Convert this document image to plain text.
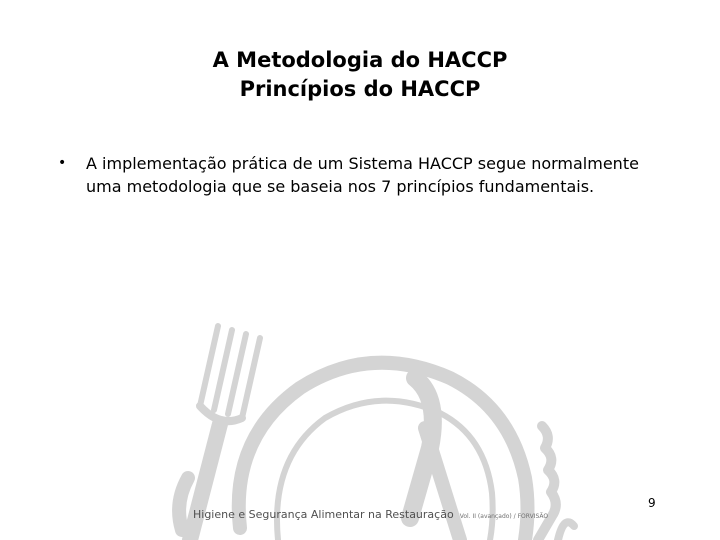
A Metodologia do HACCP
Princípios do HACCP
•	A implementação prática de um Sistema HACCP segue normalmente uma metodologia que se baseia nos 7 princípios fundamentais.
Higiene e Segurança Alimentar na Restauração Vol. II (avançado) / FORVISÃO
9
